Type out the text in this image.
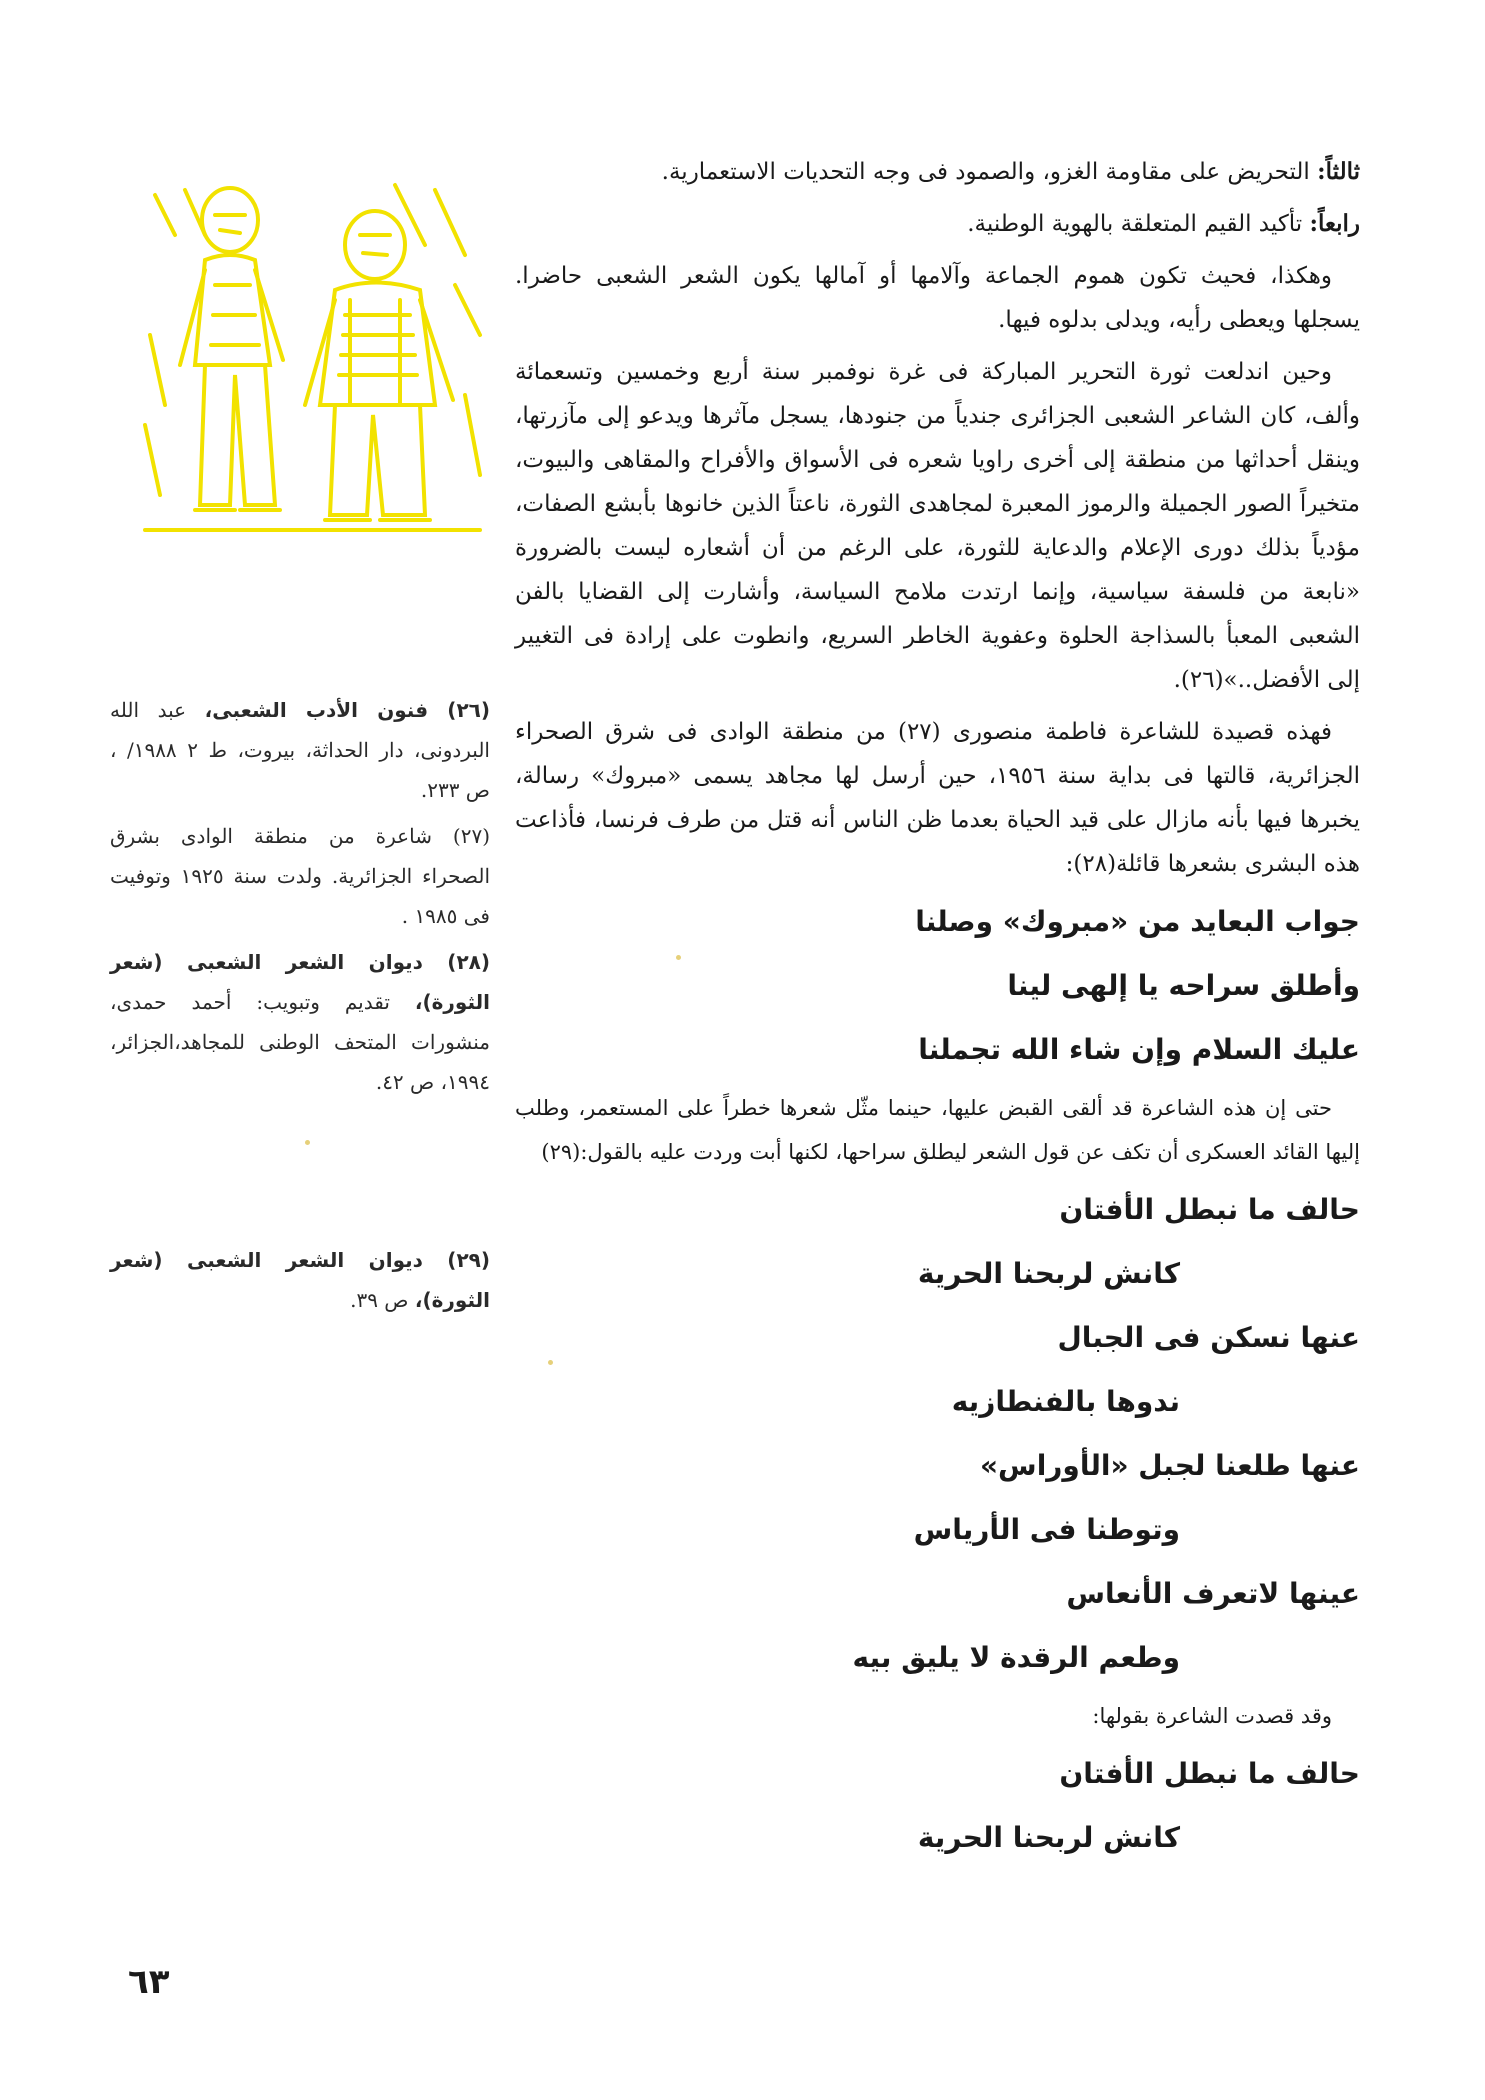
ثالثاً: التحريض على مقاومة الغزو، والصمود فى وجه التحديات الاستعمارية.

رابعاً: تأكيد القيم المتعلقة بالهوية الوطنية.

وهكذا، فحيث تكون هموم الجماعة وآلامها أو آمالها يكون الشعر الشعبى حاضرا. يسجلها ويعطى رأيه، ويدلى بدلوه فيها.

وحين اندلعت ثورة التحرير المباركة فى غرة نوفمبر سنة أربع وخمسين وتسعمائة وألف، كان الشاعر الشعبى الجزائرى جندياً من جنودها، يسجل مآثرها ويدعو إلى مآزرتها، وينقل أحداثها من منطقة إلى أخرى راويا شعره فى الأسواق والأفراح والمقاهى والبيوت، متخيراً الصور الجميلة والرموز المعبرة لمجاهدى الثورة، ناعتاً الذين خانوها بأبشع الصفات، مؤدياً بذلك دورى الإعلام والدعاية للثورة، على الرغم من أن أشعاره ليست بالضرورة «نابعة من فلسفة سياسية، وإنما ارتدت ملامح السياسة، وأشارت إلى القضايا بالفن الشعبى المعبأ بالسذاجة الحلوة وعفوية الخاطر السريع، وانطوت على إرادة فى التغيير إلى الأفضل..»(٢٦).

فهذه قصيدة للشاعرة فاطمة منصورى (٢٧) من منطقة الوادى فى شرق الصحراء الجزائرية، قالتها فى بداية سنة ١٩٥٦، حين أرسل لها مجاهد يسمى «مبروك» رسالة، يخبرها فيها بأنه مازال على قيد الحياة بعدما ظن الناس أنه قتل من طرف فرنسا، فأذاعت هذه البشرى بشعرها قائلة(٢٨):

جواب البعايد من «مبروك» وصلنا

وأطلق سراحه يا إلهى لينا

عليك السلام وإن شاء الله تجملنا

حتى إن هذه الشاعرة قد ألقى القبض عليها، حينما مثّل شعرها خطراً على المستعمر، وطلب إليها القائد العسكرى أن تكف عن قول الشعر ليطلق سراحها، لكنها أبت وردت عليه بالقول:(٢٩)

حالف ما نبطل الأفتان

كانش لربحنا الحرية

عنها نسكن فى الجبال

ندوها بالفنطازيه

عنها طلعنا لجبل «الأوراس»

وتوطنا فى الأرياس

عينها لاتعرف الأنعاس

وطعم الرقدة لا يليق بيه

وقد قصدت الشاعرة بقولها:

حالف ما نبطل الأفتان

كانش لربحنا الحرية

(٢٦) فنون الأدب الشعبى، عبد الله البردونى، دار الحداثة، بيروت، ط ٢ ١٩٨٨/ ، ص ٢٣٣.

(٢٧) شاعرة من منطقة الوادى بشرق الصحراء الجزائرية. ولدت سنة ١٩٢٥ وتوفيت فى ١٩٨٥ .

(٢٨) ديوان الشعر الشعبى (شعر الثورة)، تقديم وتبويب: أحمد حمدى، منشورات المتحف الوطنى للمجاهد،الجزائر، ١٩٩٤، ص ٤٢.

(٢٩) ديوان الشعر الشعبى (شعر الثورة)، ص ٣٩.

٦٣
